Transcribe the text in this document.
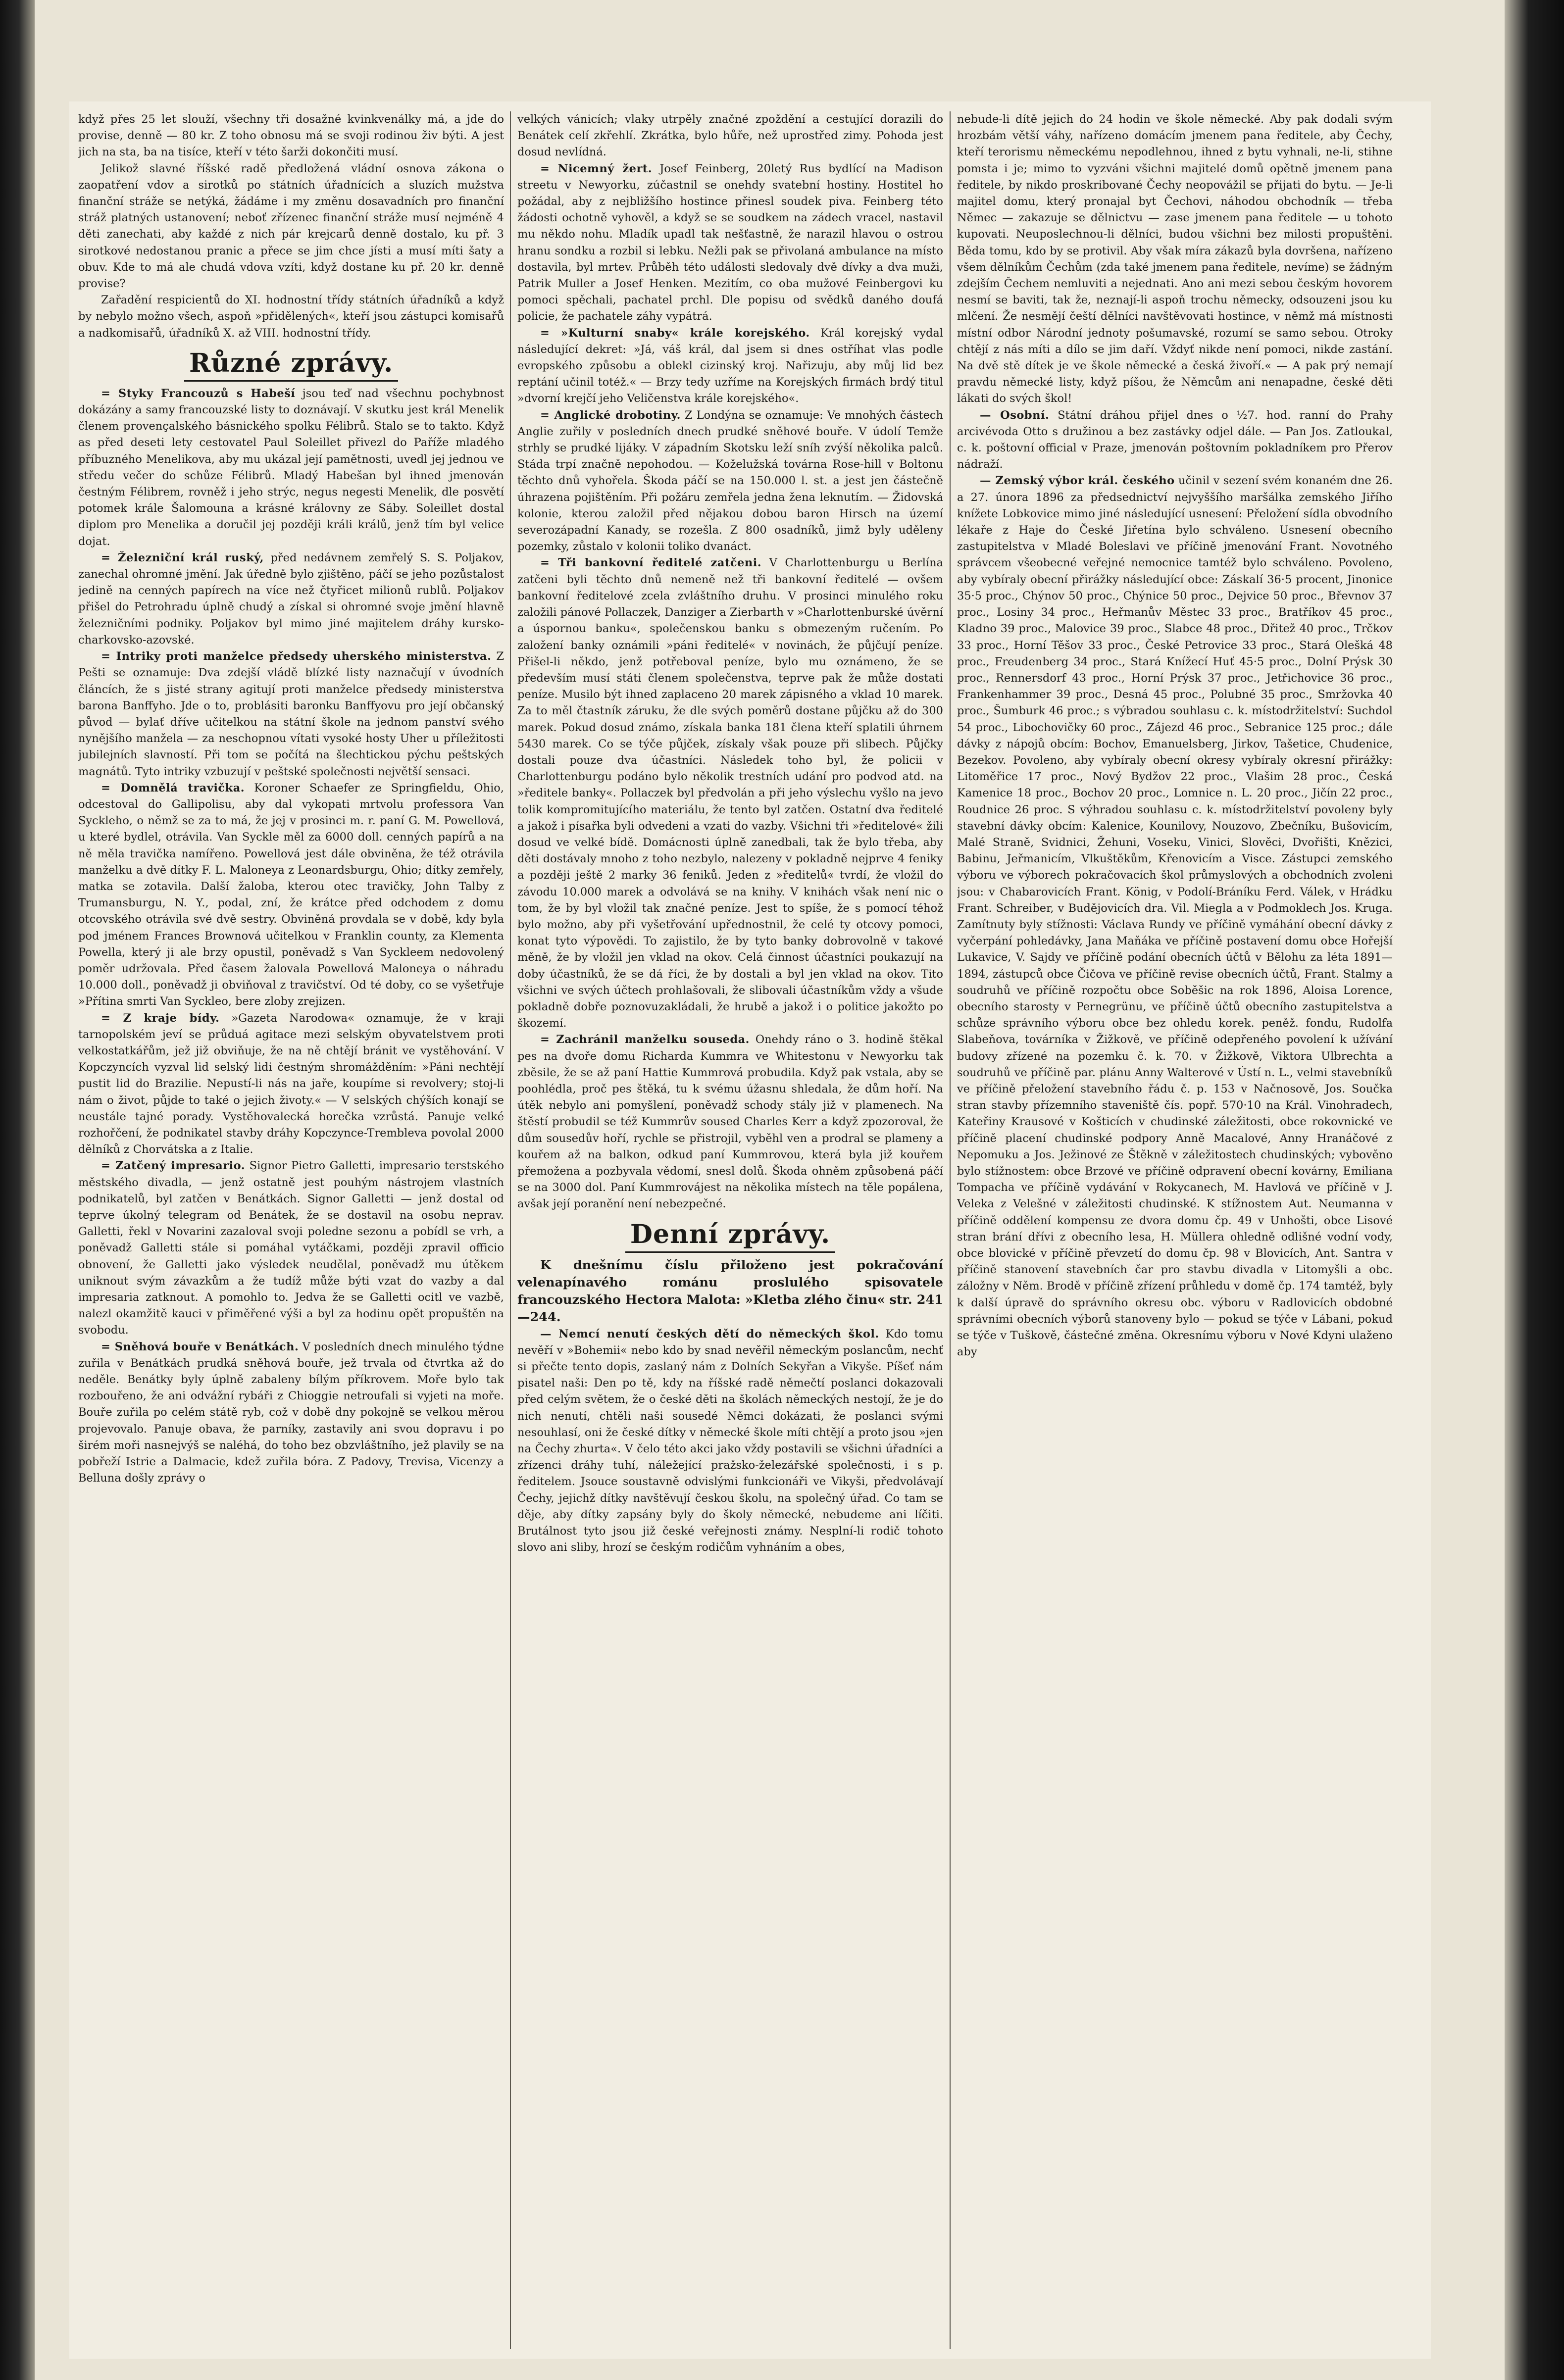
když přes 25 let slouží, všechny tři dosažné kvinkvenálky má, a jde do provise, denně — 80 kr. Z toho obnosu má se svoji rodinou živ býti. A jest jich na sta, ba na tisíce, kteří v této šarži dokončiti musí.

Jelikož slavné říšské radě předložená vládní osnova zákona o zaopatření vdov a sirotků po státních úřadnících a sluzích mužstva finanční stráže se netýká, žádáme i my změnu dosavadních pro finanční stráž platných ustanovení; neboť zřízenec finanční stráže musí nejméně 4 děti zanechati, aby každé z nich pár krejcarů denně dostalo, ku př. 3 sirotkové nedostanou pranic a přece se jim chce jísti a musí míti šaty a obuv. Kde to má ale chudá vdova vzíti, když dostane ku př. 20 kr. denně provise?

Zařadění respicientů do XI. hodnostní třídy státních úřadníků a když by nebylo možno všech, aspoň »přidělených«, kteří jsou zástupci komisařů a nadkomisařů, úřadníků X. až VIII. hodnostní třídy.

Různé zprávy.

= Styky Francouzů s Habeší jsou teď nad všechnu pochybnost dokázány a samy francouzské listy to doznávají. V skutku jest král Menelik členem provençalského básnického spolku Félibrů. Stalo se to takto. Když as před deseti lety cestovatel Paul Soleillet přivezl do Paříže mladého příbuzného Menelikova, aby mu ukázal její pamětnosti, uvedl jej jednou ve středu večer do schůze Félibrů. Mladý Habešan byl ihned jmenován čestným Félibrem, rovněž i jeho strýc, negus negesti Menelik, dle posvětí potomek krále Šalomouna a krásné královny ze Sáby. Soleillet dostal diplom pro Menelika a doručil jej později králi králů, jenž tím byl velice dojat.

= Železniční král ruský, před nedávnem zemřelý S. S. Poljakov, zanechal ohromné jmění. Jak úředně bylo zjištěno, páčí se jeho pozůstalost jedině na cenných papírech na více než čtyřicet milionů rublů. Poljakov přišel do Petrohradu úplně chudý a získal si ohromné svoje jmění hlavně železničními podniky. Poljakov byl mimo jiné majitelem dráhy kursko-charkovsko-azovské.

= Intriky proti manželce předsedy uherského ministerstva. Z Pešti se oznamuje: Dva zdejší vládě blízké listy naznačují v úvodních článcích, že s jisté strany agitují proti manželce předsedy ministerstva barona Banffyho. Jde o to, problásiti baronku Banffyovu pro její občanský původ — bylať dříve učitelkou na státní škole na jednom panství svého nynějšího manžela — za neschopnou vítati vysoké hosty Uher u příležitosti jubilejních slavností. Při tom se počítá na šlechtickou pýchu peštských magnátů. Tyto intriky vzbuzují v peštské společnosti největší sensaci.

= Domnělá travička. Koroner Schaefer ze Springfieldu, Ohio, odcestoval do Gallipolisu, aby dal vykopati mrtvolu professora Van Syckleho, o němž se za to má, že jej v prosinci m. r. paní G. M. Powellová, u které bydlel, otrávila. Van Syckle měl za 6000 doll. cenných papírů a na ně měla travička namířeno. Powellová jest dále obviněna, že též otrávila manželku a dvě dítky F. L. Maloneya z Leonardsburgu, Ohio; dítky zemřely, matka se zotavila. Další žaloba, kterou otec travičky, John Talby z Trumansburgu, N. Y., podal, zní, že krátce před odchodem z domu otcovského otrávila své dvě sestry. Obviněná provdala se v době, kdy byla pod jménem Frances Brownová učitelkou v Franklin county, za Klementa Powella, který ji ale brzy opustil, poněvadž s Van Syckleem nedovolený poměr udržovala. Před časem žalovala Powellová Maloneya o náhradu 10.000 doll., poněvadž ji obviňoval z travičství. Od té doby, co se vyšetřuje »Přítina smrti Van Syckleo, bere zloby zrejizen.

= Z kraje bídy. »Gazeta Narodowa« oznamuje, že v kraji tarnopolském jeví se průduá agitace mezi selským obyvatelstvem proti velkostatkářům, jež již obviňuje, že na ně chtějí bránit ve vystěhování. V Kopczyncích vyzval lid selský lidi čestným shromážděním: »Páni nechtějí pustit lid do Brazilie. Nepustí-li nás na jaře, koupíme si revolvery; stoj-li nám o život, půjde to také o jejich životy.« — V selských chýších konají se neustále tajné porady. Vystěhovalecká horečka vzrůstá. Panuje velké rozhořčení, že podnikatel stavby dráhy Kopczynce-Trembleva povolal 2000 dělníků z Chorvátska a z Italie.

= Zatčený impresario. Signor Pietro Galletti, impresario terstského městského divadla, — jenž ostatně jest pouhým nástrojem vlastních podnikatelů, byl zatčen v Benátkách. Signor Galletti — jenž dostal od teprve úkolný telegram od Benátek, že se dostavil na osobu neprav. Galletti, řekl v Novarini zazaloval svoji poledne sezonu a pobídl se vrh, a poněvadž Galletti stále si pomáhal vytáčkami, později zpravil officio obnovení, že Galletti jako výsledek neudělal, poněvadž mu útěkem uniknout svým závazkům a že tudíž může býti vzat do vazby a dal impresaria zatknout. A pomohlo to. Jedva že se Galletti ocitl ve vazbě, nalezl okamžitě kauci v přiměřené výši a byl za hodinu opět propuštěn na svobodu.

= Sněhová bouře v Benátkách. V posledních dnech minulého týdne zuřila v Benátkách prudká sněhová bouře, jež trvala od čtvrtka až do neděle. Benátky byly úplně zabaleny bílým příkrovem. Moře bylo tak rozbouřeno, že ani odvážní rybáři z Chioggie netroufali si vyjeti na moře. Bouře zuřila po celém státě ryb, což v době dny pokojně se velkou měrou projevovalo. Panuje obava, že parníky, zastavily ani svou dopravu i po širém moři nasnejvýš se naléhá, do toho bez obzvláštního, jež plavily se na pobřeží Istrie a Dalmacie, kdež zuřila bóra. Z Padovy, Trevisa, Vicenzy a Belluna došly zprávy o

velkých vánicích; vlaky utrpěly značné zpoždění a cestující dorazili do Benátek celí zkřehlí. Zkrátka, bylo hůře, než uprostřed zimy. Pohoda jest dosud nevlídná.

= Nicemný žert. Josef Feinberg, 20letý Rus bydlící na Madison streetu v Newyorku, zúčastnil se onehdy svatební hostiny. Hostitel ho požádal, aby z nejbližšího hostince přinesl soudek piva. Feinberg této žádosti ochotně vyhověl, a když se se soudkem na zádech vracel, nastavil mu někdo nohu. Mladík upadl tak nešťastně, že narazil hlavou o ostrou hranu sondku a rozbil si lebku. Nežli pak se přivolaná ambulance na místo dostavila, byl mrtev. Průběh této události sledovaly dvě dívky a dva muži, Patrik Muller a Josef Henken. Mezitím, co oba mužové Feinbergovi ku pomoci spěchali, pachatel prchl. Dle popisu od svědků daného doufá policie, že pachatele záhy vypátrá.

= »Kulturní snaby« krále korejského. Král korejský vydal následující dekret: »Já, váš král, dal jsem si dnes ostříhat vlas podle evropského způsobu a oblekl cizinský kroj. Nařizuju, aby můj lid bez reptání učinil totéž.« — Brzy tedy uzříme na Korejských firmách brdý titul »dvorní krejčí jeho Veličenstva krále korejského«.

= Anglické drobotiny. Z Londýna se oznamuje: Ve mnohých částech Anglie zuřily v posledních dnech prudké sněhové bouře. V údolí Temže strhly se prudké lijáky. V západním Skotsku leží sníh zvýší několika palců. Stáda trpí značně nepohodou. — Koželužská továrna Rose-hill v Boltonu těchto dnů vyhořela. Škoda páčí se na 150.000 l. st. a jest jen částečně úhrazena pojištěním. Při požáru zemřela jedna žena leknutím. — Židovská kolonie, kterou založil před nějakou dobou baron Hirsch na území severozápadní Kanady, se rozešla. Z 800 osadníků, jimž byly uděleny pozemky, zůstalo v kolonii toliko dvanáct.

= Tři bankovní ředitelé zatčeni. V Charlottenburgu u Berlína zatčeni byli těchto dnů nemeně než tři bankovní ředitelé — ovšem bankovní ředitelové zcela zvláštního druhu. V prosinci minulého roku založili pánové Pollaczek, Danziger a Zierbarth v »Charlottenburské úvěrní a úspornou banku«, společenskou banku s obmezeným ručením. Po založení banky oznámili »páni ředitelé« v novinách, že půjčují peníze. Přišel-li někdo, jenž potřeboval peníze, bylo mu oznámeno, že se především musí státi členem společenstva, teprve pak že může dostati peníze. Musilo být ihned zaplaceno 20 marek zápisného a vklad 10 marek. Za to měl čtastník záruku, že dle svých poměrů dostane půjčku až do 300 marek. Pokud dosud známo, získala banka 181 člena kteří splatili úhrnem 5430 marek. Co se týče půjček, získaly však pouze při slibech. Půjčky dostali pouze dva účastníci. Následek toho byl, že policii v Charlottenburgu podáno bylo několik trestních udání pro podvod atd. na »ředitele banky«. Pollaczek byl předvolán a při jeho výslechu vyšlo na jevo tolik kompromitujícího materiálu, že tento byl zatčen. Ostatní dva ředitelé a jakož i písařka byli odvedeni a vzati do vazby. Všichni tři »ředitelové« žili dosud ve velké bídě. Domácnosti úplně zanedbali, tak že bylo třeba, aby děti dostávaly mnoho z toho nezbylo, nalezeny v pokladně nejprve 4 feniky a později ještě 2 marky 36 feniků. Jeden z »ředitelů« tvrdí, že vložil do závodu 10.000 marek a odvolává se na knihy. V knihách však není nic o tom, že by byl vložil tak značné peníze. Jest to spíše, že s pomocí téhož bylo možno, aby při vyšetřování upřednostnil, že celé ty otcovy pomoci, konat tyto výpovědi. To zajistilo, že by tyto banky dobrovolně v takové měně, že by vložil jen vklad na okov. Celá činnost účastníci poukazují na doby účastníků, že se dá říci, že by dostali a byl jen vklad na okov. Tito všichni ve svých účtech prohlašovali, že slibovali účastníkům vždy a všude pokladně dobře poznovuzakládali, že hrubě a jakož i o politice jakožto po škozemí.

= Zachránil manželku souseda. Onehdy ráno o 3. hodině štěkal pes na dvoře domu Richarda Kummra ve Whitestonu v Newyorku tak zběsile, že se až paní Hattie Kummrová probudila. Když pak vstala, aby se poohlédla, proč pes štěká, tu k svému úžasnu shledala, že dům hoří. Na útěk nebylo ani pomyšlení, poněvadž schody stály již v plamenech. Na štěstí probudil se též Kummrův soused Charles Kerr a když zpozoroval, že dům sousedův hoří, rychle se přistrojil, vyběhl ven a prodral se plameny a kouřem až na balkon, odkud paní Kummrovou, která byla již kouřem přemožena a pozbyvala vědomí, snesl dolů. Škoda ohněm způsobená páčí se na 3000 dol. Paní Kummrovájest na několika místech na těle popálena, avšak její poranění není nebezpečné.

Denní zprávy.

K dnešnímu číslu přiloženo jest pokračování velenapínavého románu proslulého spisovatele francouzského Hectora Malota: »Kletba zlého činu« str. 241—244.

— Nemcí nenutí českých dětí do německých škol. Kdo tomu nevěří v »Bohemii« nebo kdo by snad nevěřil německým poslancům, nechť si přečte tento dopis, zaslaný nám z Dolních Sekyřan a Vikyše. Píšeť nám pisatel naši: Den po tě, kdy na říšské radě němečtí poslanci dokazovali před celým světem, že o české děti na školách německých nestojí, že je do nich nenutí, chtěli naši sousedé Němci dokázati, že poslanci svými nesouhlasí, oni že české dítky v německé škole míti chtějí a proto jsou »jen na Čechy zhurta«. V čelo této akci jako vždy postavili se všichni úřadníci a zřízenci dráhy tuhí, náležející pražsko-železářské společnosti, i s p. ředitelem. Jsouce soustavně odvislými funkcionáři ve Vikyši, předvolávají Čechy, jejichž dítky navštěvují českou školu, na společný úřad. Co tam se děje, aby dítky zapsány byly do školy německé, nebudeme ani líčiti. Brutálnost tyto jsou již české veřejnosti známy. Nesplní-li rodič tohoto slovo ani sliby, hrozí se českým rodičům vyhnáním a obes,

nebude-li dítě jejich do 24 hodin ve škole německé. Aby pak dodali svým hrozbám větší váhy, nařízeno domácím jmenem pana ředitele, aby Čechy, kteří terorismu německému nepodlehnou, ihned z bytu vyhnali, ne-li, stihne pomsta i je; mimo to vyzváni všichni majitelé domů opětně jmenem pana ředitele, by nikdo proskribované Čechy neopovážil se přijati do bytu. — Je-li majitel domu, který pronajal byt Čechovi, náhodou obchodník — třeba Němec — zakazuje se dělnictvu — zase jmenem pana ředitele — u tohoto kupovati. Neuposlechnou-li dělníci, budou všichni bez milosti propuštěni. Běda tomu, kdo by se protivil. Aby však míra zákazů byla dovršena, nařízeno všem dělníkům Čechům (zda také jmenem pana ředitele, nevíme) se žádným zdejším Čechem nemluviti a nejednati. Ano ani mezi sebou českým hovorem nesmí se baviti, tak že, neznají-li aspoň trochu německy, odsouzeni jsou ku mlčení. Že nesmějí čeští dělníci navštěvovati hostince, v němž má místnosti místní odbor Národní jednoty pošumavské, rozumí se samo sebou. Otroky chtějí z nás míti a dílo se jim daří. Vždyť nikde není pomoci, nikde zastání. Na dvě stě dítek je ve škole německé a česká živoří.« — A pak prý nemají pravdu německé listy, když píšou, že Němcům ani nenapadne, české děti lákati do svých škol!

— Osobní. Státní dráhou přijel dnes o ½7. hod. ranní do Prahy arcivévoda Otto s družinou a bez zastávky odjel dále. — Pan Jos. Zatloukal, c. k. poštovní official v Praze, jmenován poštovním pokladníkem pro Přerov nádraží.

— Zemský výbor král. českého učinil v sezení svém konaném dne 26. a 27. února 1896 za předsednictví nejvyššího maršálka zemského Jiřího knížete Lobkovice mimo jiné následující usnesení: Přeložení sídla obvodního lékaře z Haje do České Jiřetína bylo schváleno. Usnesení obecního zastupitelstva v Mladé Boleslavi ve příčině jmenování Frant. Novotného správcem všeobecné veřejné nemocnice tamtéž bylo schváleno. Povoleno, aby vybíraly obecní přirážky následující obce: Záskalí 36·5 procent, Jinonice 35·5 proc., Chýnov 50 proc., Chýnice 50 proc., Dejvice 50 proc., Břevnov 37 proc., Losiny 34 proc., Heřmanův Městec 33 proc., Bratříkov 45 proc., Kladno 39 proc., Malovice 39 proc., Slabce 48 proc., Dřitež 40 proc., Trčkov 33 proc., Horní Těšov 33 proc., České Petrovice 33 proc., Stará Olešká 48 proc., Freudenberg 34 proc., Stará Knížecí Huť 45·5 proc., Dolní Prýsk 30 proc., Rennersdorf 43 proc., Horní Prýsk 37 proc., Jetřichovice 36 proc., Frankenhammer 39 proc., Desná 45 proc., Polubné 35 proc., Smržovka 40 proc., Šumburk 46 proc.; s výbradou souhlasu c. k. místodržitelství: Suchdol 54 proc., Libochovičky 60 proc., Zájezd 46 proc., Sebranice 125 proc.; dále dávky z nápojů obcím: Bochov, Emanuelsberg, Jirkov, Tašetice, Chudenice, Bezekov. Povoleno, aby vybíraly obecní okresy vybíraly okresní přirážky: Litoměřice 17 proc., Nový Bydžov 22 proc., Vlašim 28 proc., Česká Kamenice 18 proc., Bochov 20 proc., Lomnice n. L. 20 proc., Jičín 22 proc., Roudnice 26 proc. S výhradou souhlasu c. k. místodržitelství povoleny byly stavební dávky obcím: Kalenice, Kounilovy, Nouzovo, Zbečníku, Bušovicím, Malé Straně, Svidnici, Žehuni, Voseku, Vinici, Slověci, Dvořišti, Knězici, Babinu, Jeřmanicím, Vlkuštěkům, Křenovicím a Visce. Zástupci zemského výboru ve výborech pokračovacích škol průmyslových a obchodních zvoleni jsou: v Chabarovicích Frant. König, v Podolí-Bráníku Ferd. Válek, v Hrádku Frant. Schreiber, v Budějovicích dra. Vil. Miegla a v Podmoklech Jos. Kruga. Zamítnuty byly stížnosti: Václava Rundy ve příčině vymáhání obecní dávky z vyčerpání pohledávky, Jana Maňáka ve příčině postavení domu obce Hořejší Lukavice, V. Sajdy ve příčině podání obecních účtů v Bělohu za léta 1891—1894, zástupců obce Čičova ve příčině revise obecních účtů, Frant. Stalmy a soudruhů ve příčině rozpočtu obce Soběšic na rok 1896, Aloisa Lorence, obecního starosty v Pernegrünu, ve příčině účtů obecního zastupitelstva a schůze správního výboru obce bez ohledu korek. peněž. fondu, Rudolfa Slabeňova, továrníka v Žižkově, ve příčině odepřeného povolení k užívání budovy zřízené na pozemku č. k. 70. v Žižkově, Viktora Ulbrechta a soudruhů ve příčině par. plánu Anny Walterové v Ústí n. L., velmi stavebníků ve příčině přeložení stavebního řádu č. p. 153 v Načnosově, Jos. Součka stran stavby přízemního staveniště čís. popř. 570·10 na Král. Vinohradech, Kateřiny Krausové v Košticích v chudinské záležitosti, obce rokovnické ve příčině placení chudinské podpory Anně Macalové, Anny Hranáčové z Nepomuku a Jos. Ježinové ze Štěkně v záležitostech chudinských; vybověno bylo stížnostem: obce Brzové ve příčině odpravení obecní kovárny, Emiliana Tompacha ve příčině vydávání v Rokycanech, M. Havlová ve příčině v J. Veleka z Velešné v záležitosti chudinské. K stížnostem Aut. Neumanna v příčině oddělení kompensu ze dvora domu čp. 49 v Unhošti, obce Lisové stran brání dřívi z obecního lesa, H. Müllera ohledně odlišné vodní vody, obce blovické v příčině převzetí do domu čp. 98 v Blovicích, Ant. Santra v příčině stanovení stavebních čar pro stavbu divadla v Litomyšli a obc. záložny v Něm. Brodě v příčině zřízení průhledu v domě čp. 174 tamtéž, byly k další úpravě do správního okresu obc. výboru v Radlovicích obdobné správními obecních výborů stanoveny bylo — pokud se týče v Lábani, pokud se týče v Tuškově, částečné změna. Okresnímu výboru v Nové Kdyni ulaženo aby
